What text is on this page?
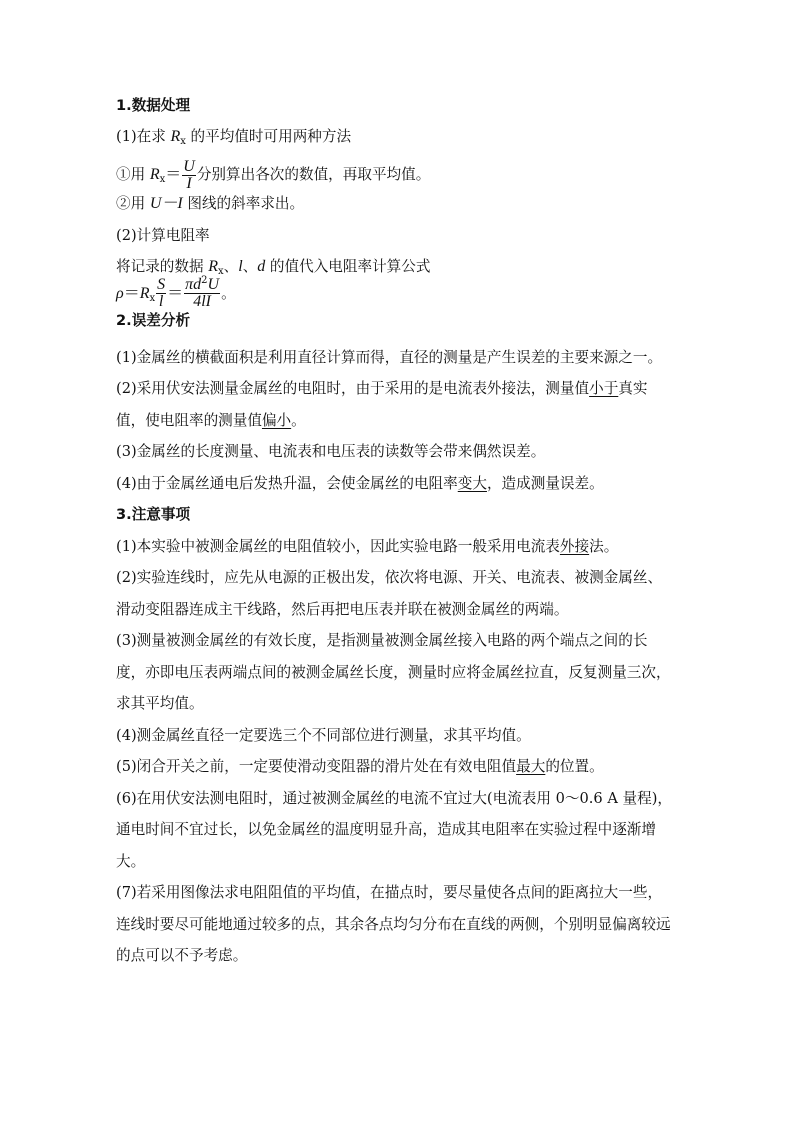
1.数据处理
(1)在求 $R_x$ 的平均值时可用两种方法
①用 $R_x= \frac{U}{I}$ 分别算出各次的数值，再取平均值。
②用 U－I 图线的斜率求出。
(2)计算电阻率
将记录的数据 $R_x$、l、d 的值代入电阻率计算公式
$\rho=R_x \frac{S}{l} = \frac{\pi d^2U}{4lI}$ 。
2.误差分析
(1)金属丝的横截面积是利用直径计算而得，直径的测量是产生误差的主要来源之一。
(2)采用伏安法测量金属丝的电阻时，由于采用的是电流表外接法，测量值小于真实值，使电阻率的测量值偏小。
(3)金属丝的长度测量、电流表和电压表的读数等会带来偶然误差。
(4)由于金属丝通电后发热升温，会使金属丝的电阻率变大，造成测量误差。
3.注意事项
(1)本实验中被测金属丝的电阻值较小，因此实验电路一般采用电流表外接法。
(2)实验连线时，应先从电源的正极出发，依次将电源、开关、电流表、被测金属丝、滑动变阻器连成主干线路，然后再把电压表并联在被测金属丝的两端。
(3)测量被测金属丝的有效长度，是指测量被测金属丝接入电路的两个端点之间的长度，亦即电压表两端点间的被测金属丝长度，测量时应将金属丝拉直，反复测量三次，求其平均值。
(4)测金属丝直径一定要选三个不同部位进行测量，求其平均值。
(5)闭合开关之前，一定要使滑动变阻器的滑片处在有效电阻值最大的位置。
(6)在用伏安法测电阻时，通过被测金属丝的电流不宜过大(电流表用 0～0.6 A 量程)，通电时间不宜过长，以免金属丝的温度明显升高，造成其电阻率在实验过程中逐渐增大。
(7)若采用图像法求电阻阻值的平均值，在描点时，要尽量使各点间的距离拉大一些，连线时要尽可能地通过较多的点，其余各点均匀分布在直线的两侧，个别明显偏离较远的点可以不予考虑。
